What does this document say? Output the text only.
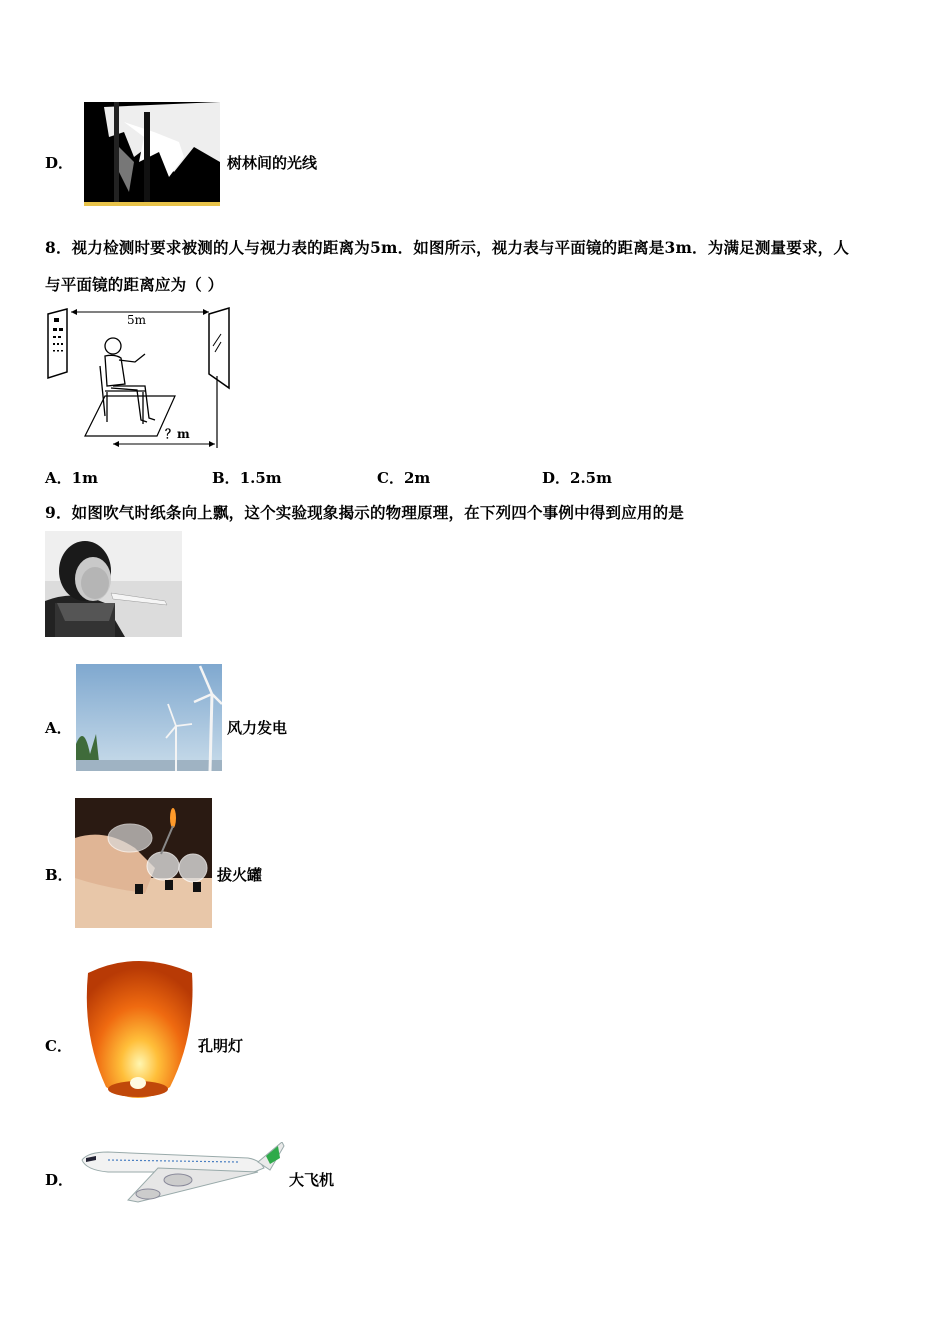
D．	树林间的光线
8．视力检测时要求被测的人与视力表的距离为5m．如图所示，视力表与平面镜的距离是3m．为满足测量要求，人
与平面镜的距离应为（ ）
5m
？m
A．1m	B．1.5m	C．2m	D．2.5m
9．如图吹气时纸条向上飘，这个实验现象揭示的物理原理，在下列四个事例中得到应用的是
A．	风力发电
B．	拔火罐
C．	孔明灯
D．	大飞机
